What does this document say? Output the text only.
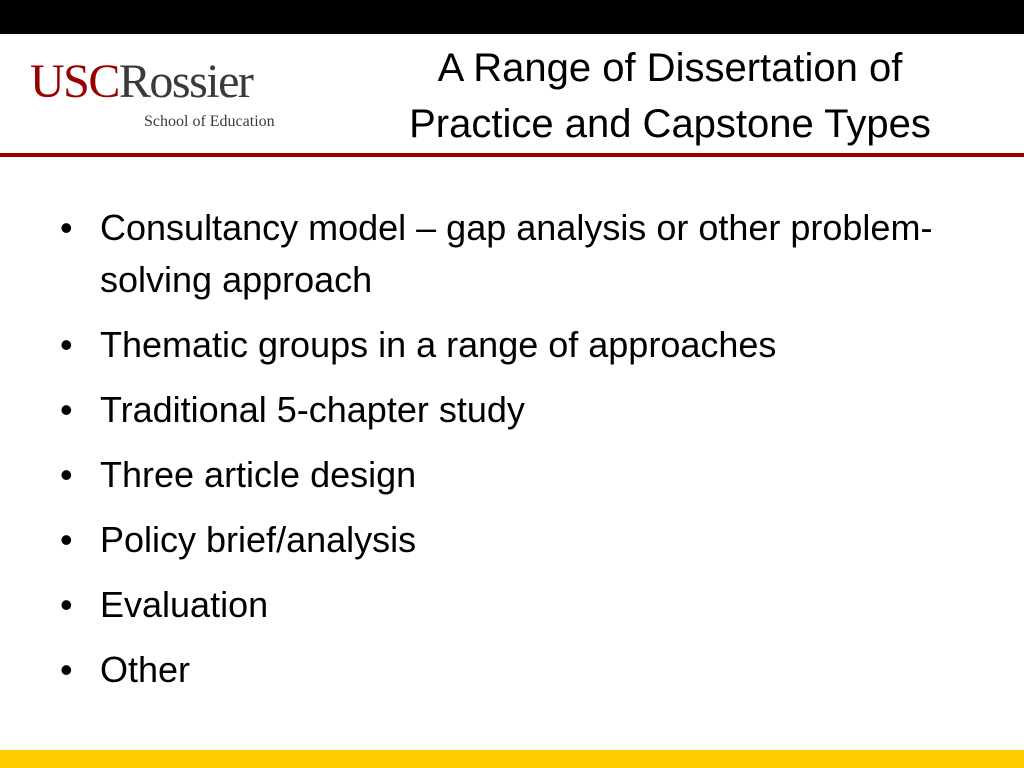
USCRossier
School of Education
A Range of Dissertation of
Practice and Capstone Types
• Consultancy model – gap analysis or other problem-solving approach
• Thematic groups in a range of approaches
• Traditional 5-chapter study
• Three article design
• Policy brief/analysis
• Evaluation
• Other
